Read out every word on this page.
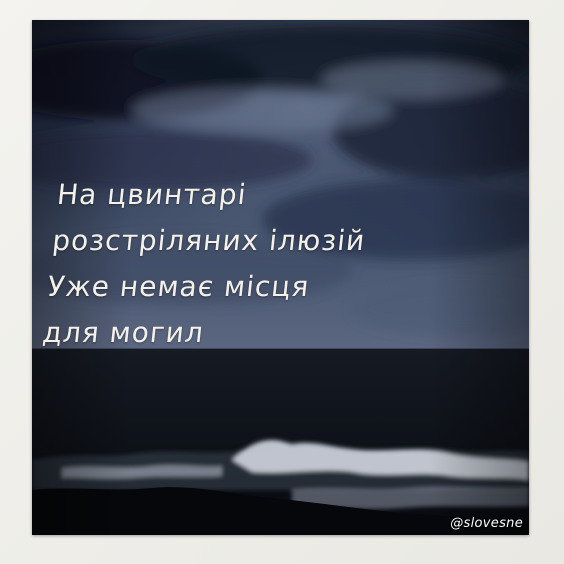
На цвинтарі
розстріляних ілюзій
Уже немає місця
для могил

@slovesne
